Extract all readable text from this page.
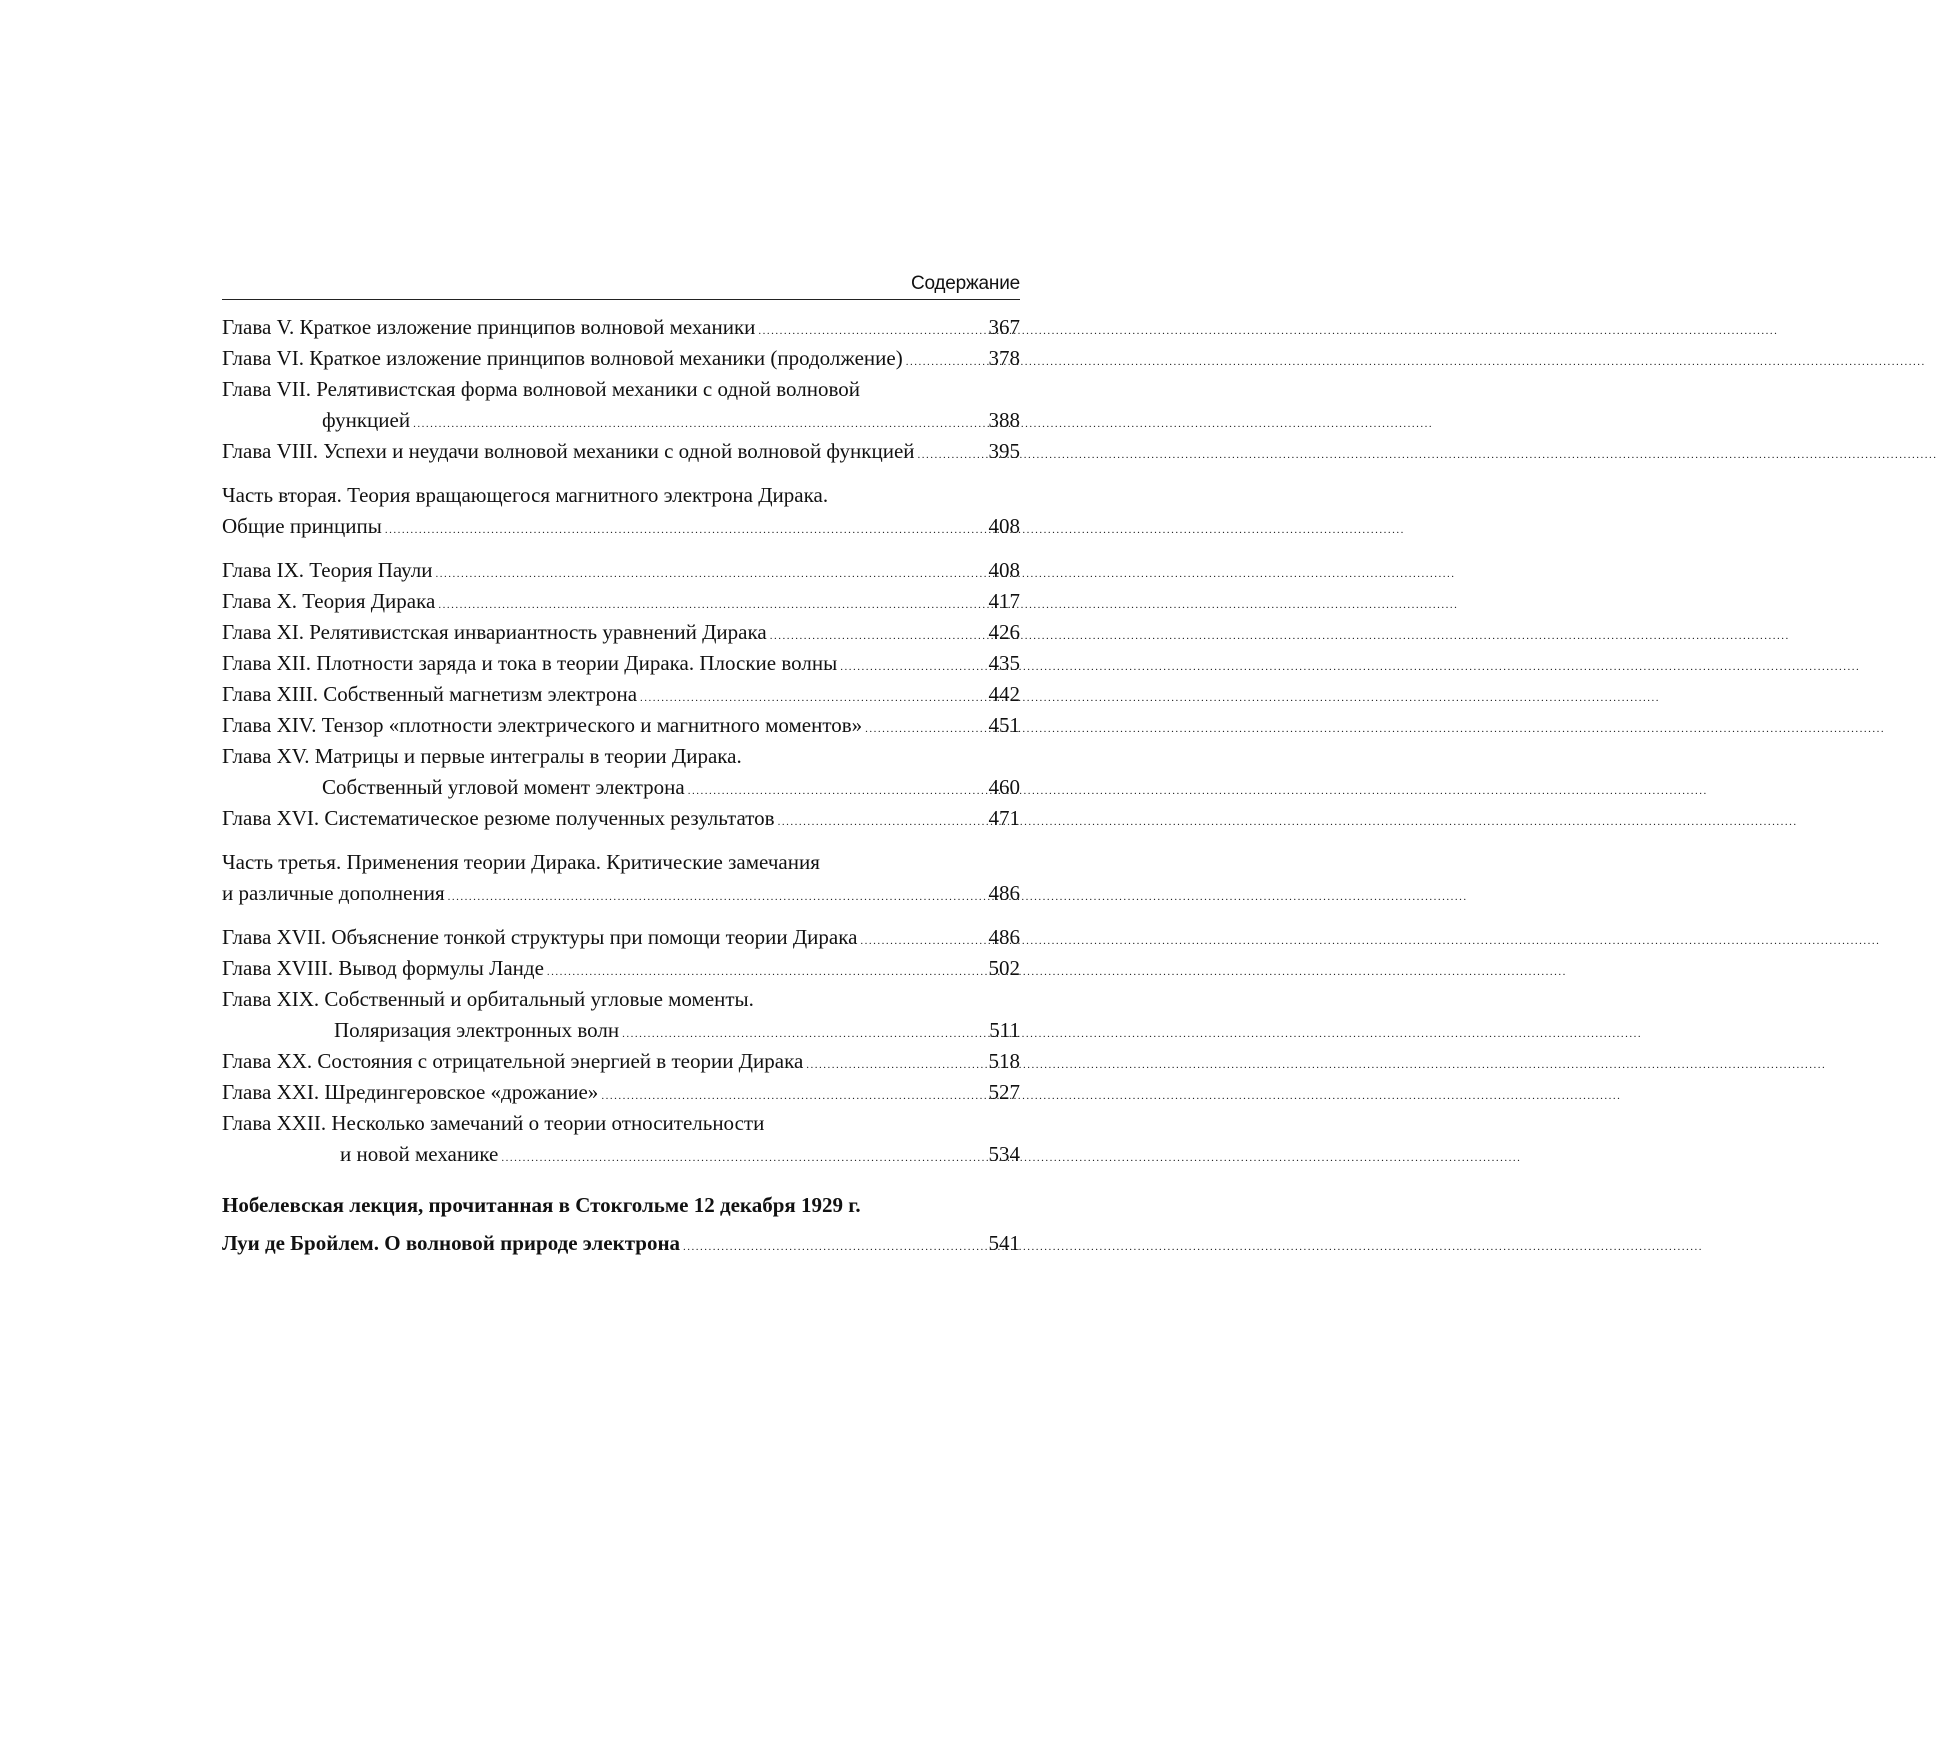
Содержание
Глава V. Краткое изложение принципов волновой механики .....	367
Глава VI. Краткое изложение принципов волновой механики (продолжение) .....	378
Глава VII. Релятивистская форма волновой механики с одной волновой
функцией .....	388
Глава VIII. Успехи и неудачи волновой механики с одной волновой функцией .....	395
Часть вторая. Теория вращающегося магнитного электрона Дирака.
Общие принципы .....	408
Глава IX. Теория Паули .....	408
Глава X. Теория Дирака .....	417
Глава XI. Релятивистская инвариантность уравнений Дирака .....	426
Глава XII. Плотности заряда и тока в теории Дирака. Плоские волны .....	435
Глава XIII. Собственный магнетизм электрона .....	442
Глава XIV. Тензор «плотности электрического и магнитного моментов» .....	451
Глава XV. Матрицы и первые интегралы в теории Дирака.
Собственный угловой момент электрона .....	460
Глава XVI. Систематическое резюме полученных результатов .....	471
Часть третья. Применения теории Дирака. Критические замечания
и различные дополнения .....	486
Глава XVII. Объяснение тонкой структуры при помощи теории Дирака .....	486
Глава XVIII. Вывод формулы Ланде .....	502
Глава XIX. Собственный и орбитальный угловые моменты.
Поляризация электронных волн .....	511
Глава XX. Состояния с отрицательной энергией в теории Дирака .....	518
Глава XXI. Шредингеровское «дрожание» .....	527
Глава XXII. Несколько замечаний о теории относительности
и новой механике .....	534
Нобелевская лекция, прочитанная в Стокгольме 12 декабря 1929 г.
Луи де Бройлем. О волновой природе электрона .....	541
